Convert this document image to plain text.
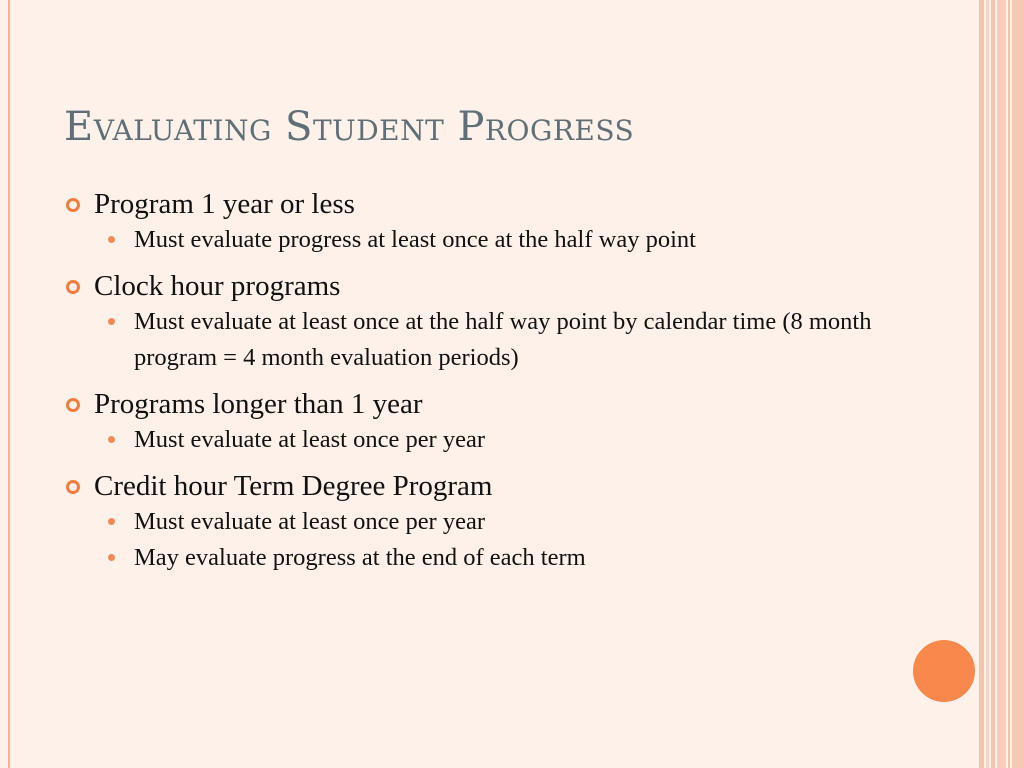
Evaluating Student Progress
Program 1 year or less
Must evaluate progress at least once at the half way point
Clock hour programs
Must evaluate at least once at the half way point by calendar time (8 month program = 4 month evaluation periods)
Programs longer than 1 year
Must evaluate at least once per year
Credit hour Term Degree Program
Must evaluate at least once per year
May evaluate progress at the end of each term
